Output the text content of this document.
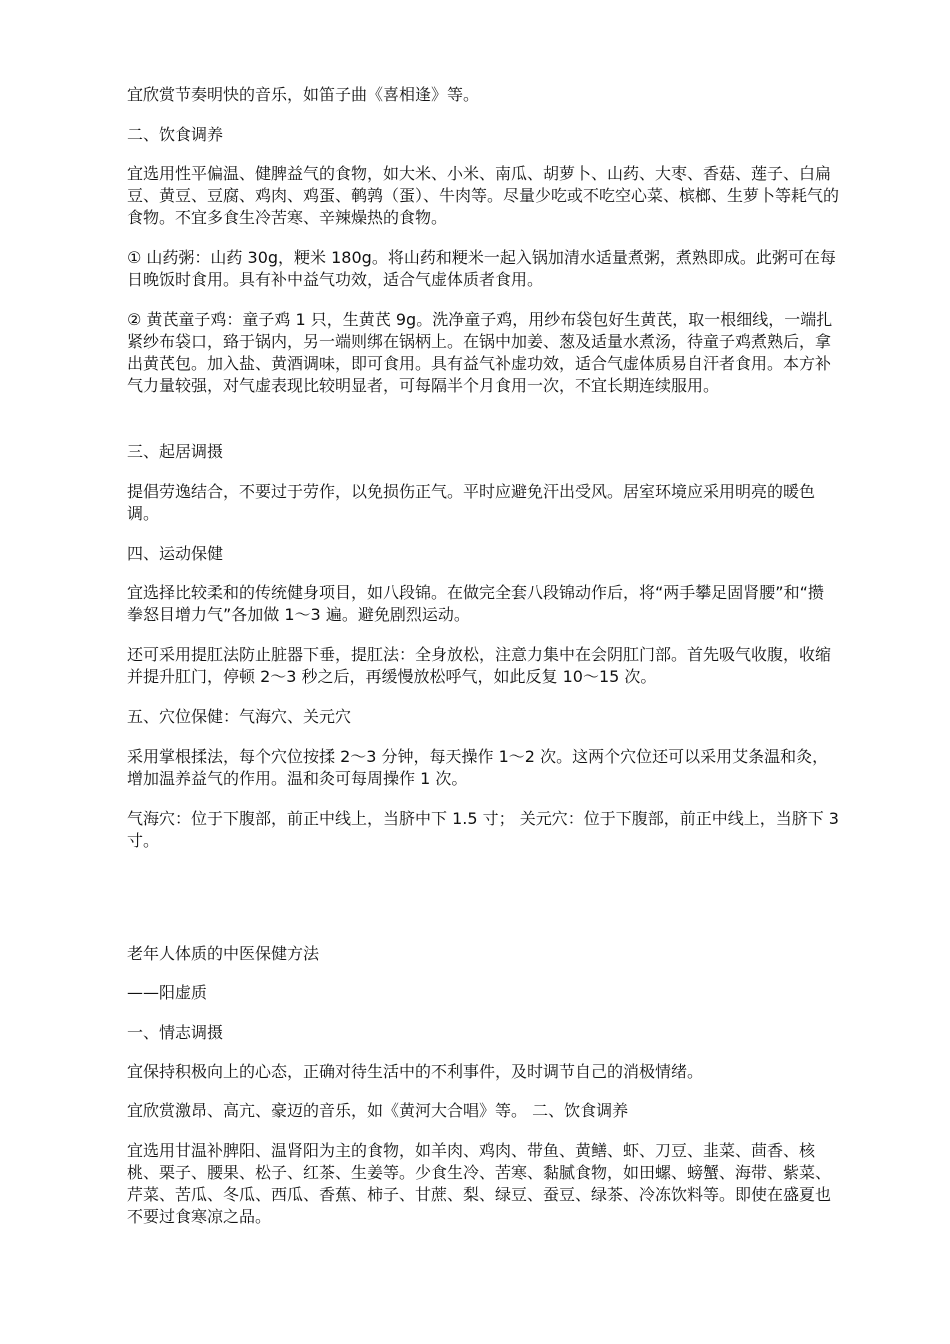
宜欣赏节奏明快的音乐，如笛子曲《喜相逢》等。

二、饮食调养

宜选用性平偏温、健脾益气的食物，如大米、小米、南瓜、胡萝卜、山药、大枣、香菇、莲子、白扁豆、黄豆、豆腐、鸡肉、鸡蛋、鹌鹑（蛋）、牛肉等。尽量少吃或不吃空心菜、槟榔、生萝卜等耗气的食物。不宜多食生冷苦寒、辛辣燥热的食物。

① 山药粥：山药 30g，粳米 180g。将山药和粳米一起入锅加清水适量煮粥，煮熟即成。此粥可在每日晚饭时食用。具有补中益气功效，适合气虚体质者食用。

② 黄芪童子鸡：童子鸡 1 只，生黄芪 9g。洗净童子鸡，用纱布袋包好生黄芪，取一根细线，一端扎紧纱布袋口，臵于锅内，另一端则绑在锅柄上。在锅中加姜、葱及适量水煮汤，待童子鸡煮熟后，拿出黄芪包。加入盐、黄酒调味，即可食用。具有益气补虚功效，适合气虚体质易自汗者食用。本方补气力量较强，对气虚表现比较明显者，可每隔半个月食用一次，不宜长期连续服用。

三、起居调摄

提倡劳逸结合，不要过于劳作，以免损伤正气。平时应避免汗出受风。居室环境应采用明亮的暖色调。

四、运动保健

宜选择比较柔和的传统健身项目，如八段锦。在做完全套八段锦动作后，将“两手攀足固肾腰”和“攒拳怒目增力气”各加做 1～3 遍。避免剧烈运动。

还可采用提肛法防止脏器下垂，提肛法：全身放松，注意力集中在会阴肛门部。首先吸气收腹，收缩并提升肛门，停顿 2～3 秒之后，再缓慢放松呼气，如此反复 10～15 次。

五、穴位保健：气海穴、关元穴

采用掌根揉法，每个穴位按揉 2～3 分钟，每天操作 1～2 次。这两个穴位还可以采用艾条温和灸，增加温养益气的作用。温和灸可每周操作 1 次。

气海穴：位于下腹部，前正中线上，当脐中下 1.5 寸； 关元穴：位于下腹部，前正中线上，当脐下 3 寸。

老年人体质的中医保健方法

——阳虚质

一、情志调摄

宜保持积极向上的心态，正确对待生活中的不利事件，及时调节自己的消极情绪。

宜欣赏激昂、高亢、豪迈的音乐，如《黄河大合唱》等。 二、饮食调养

宜选用甘温补脾阳、温肾阳为主的食物，如羊肉、鸡肉、带鱼、黄鳝、虾、刀豆、韭菜、茴香、核桃、栗子、腰果、松子、红茶、生姜等。少食生冷、苦寒、黏腻食物，如田螺、螃蟹、海带、紫菜、芹菜、苦瓜、冬瓜、西瓜、香蕉、柿子、甘蔗、梨、绿豆、蚕豆、绿茶、冷冻饮料等。即使在盛夏也不要过食寒凉之品。
